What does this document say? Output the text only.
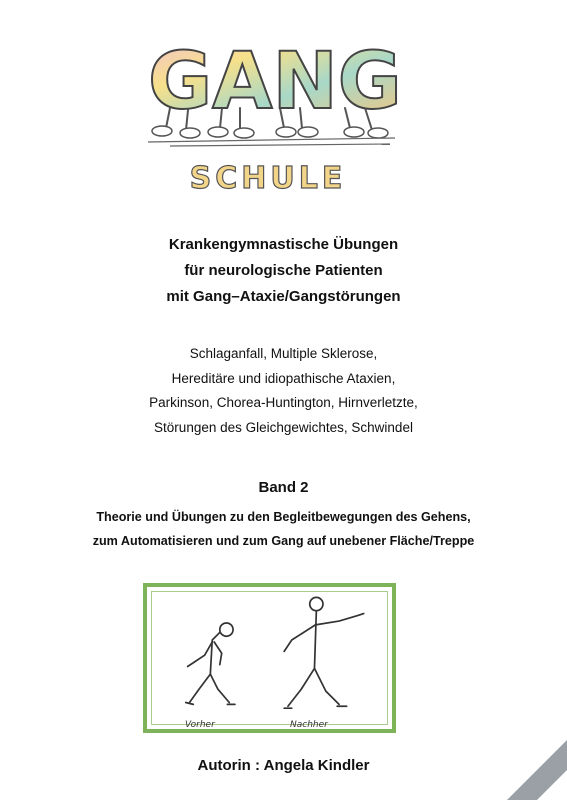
GANG
SCHULE
Krankengymnastische Übungen
für neurologische Patienten
mit Gang–Ataxie/Gangstörungen
Schlaganfall, Multiple Sklerose,
Hereditäre und idiopathische Ataxien,
Parkinson, Chorea-Huntington, Hirnverletzte,
Störungen des Gleichgewichtes, Schwindel
Band 2
Theorie und Übungen zu den Begleitbewegungen des Gehens,
zum Automatisieren und zum Gang auf unebener Fläche/Treppe
Vorher	Nachher
Autorin : Angela Kindler
